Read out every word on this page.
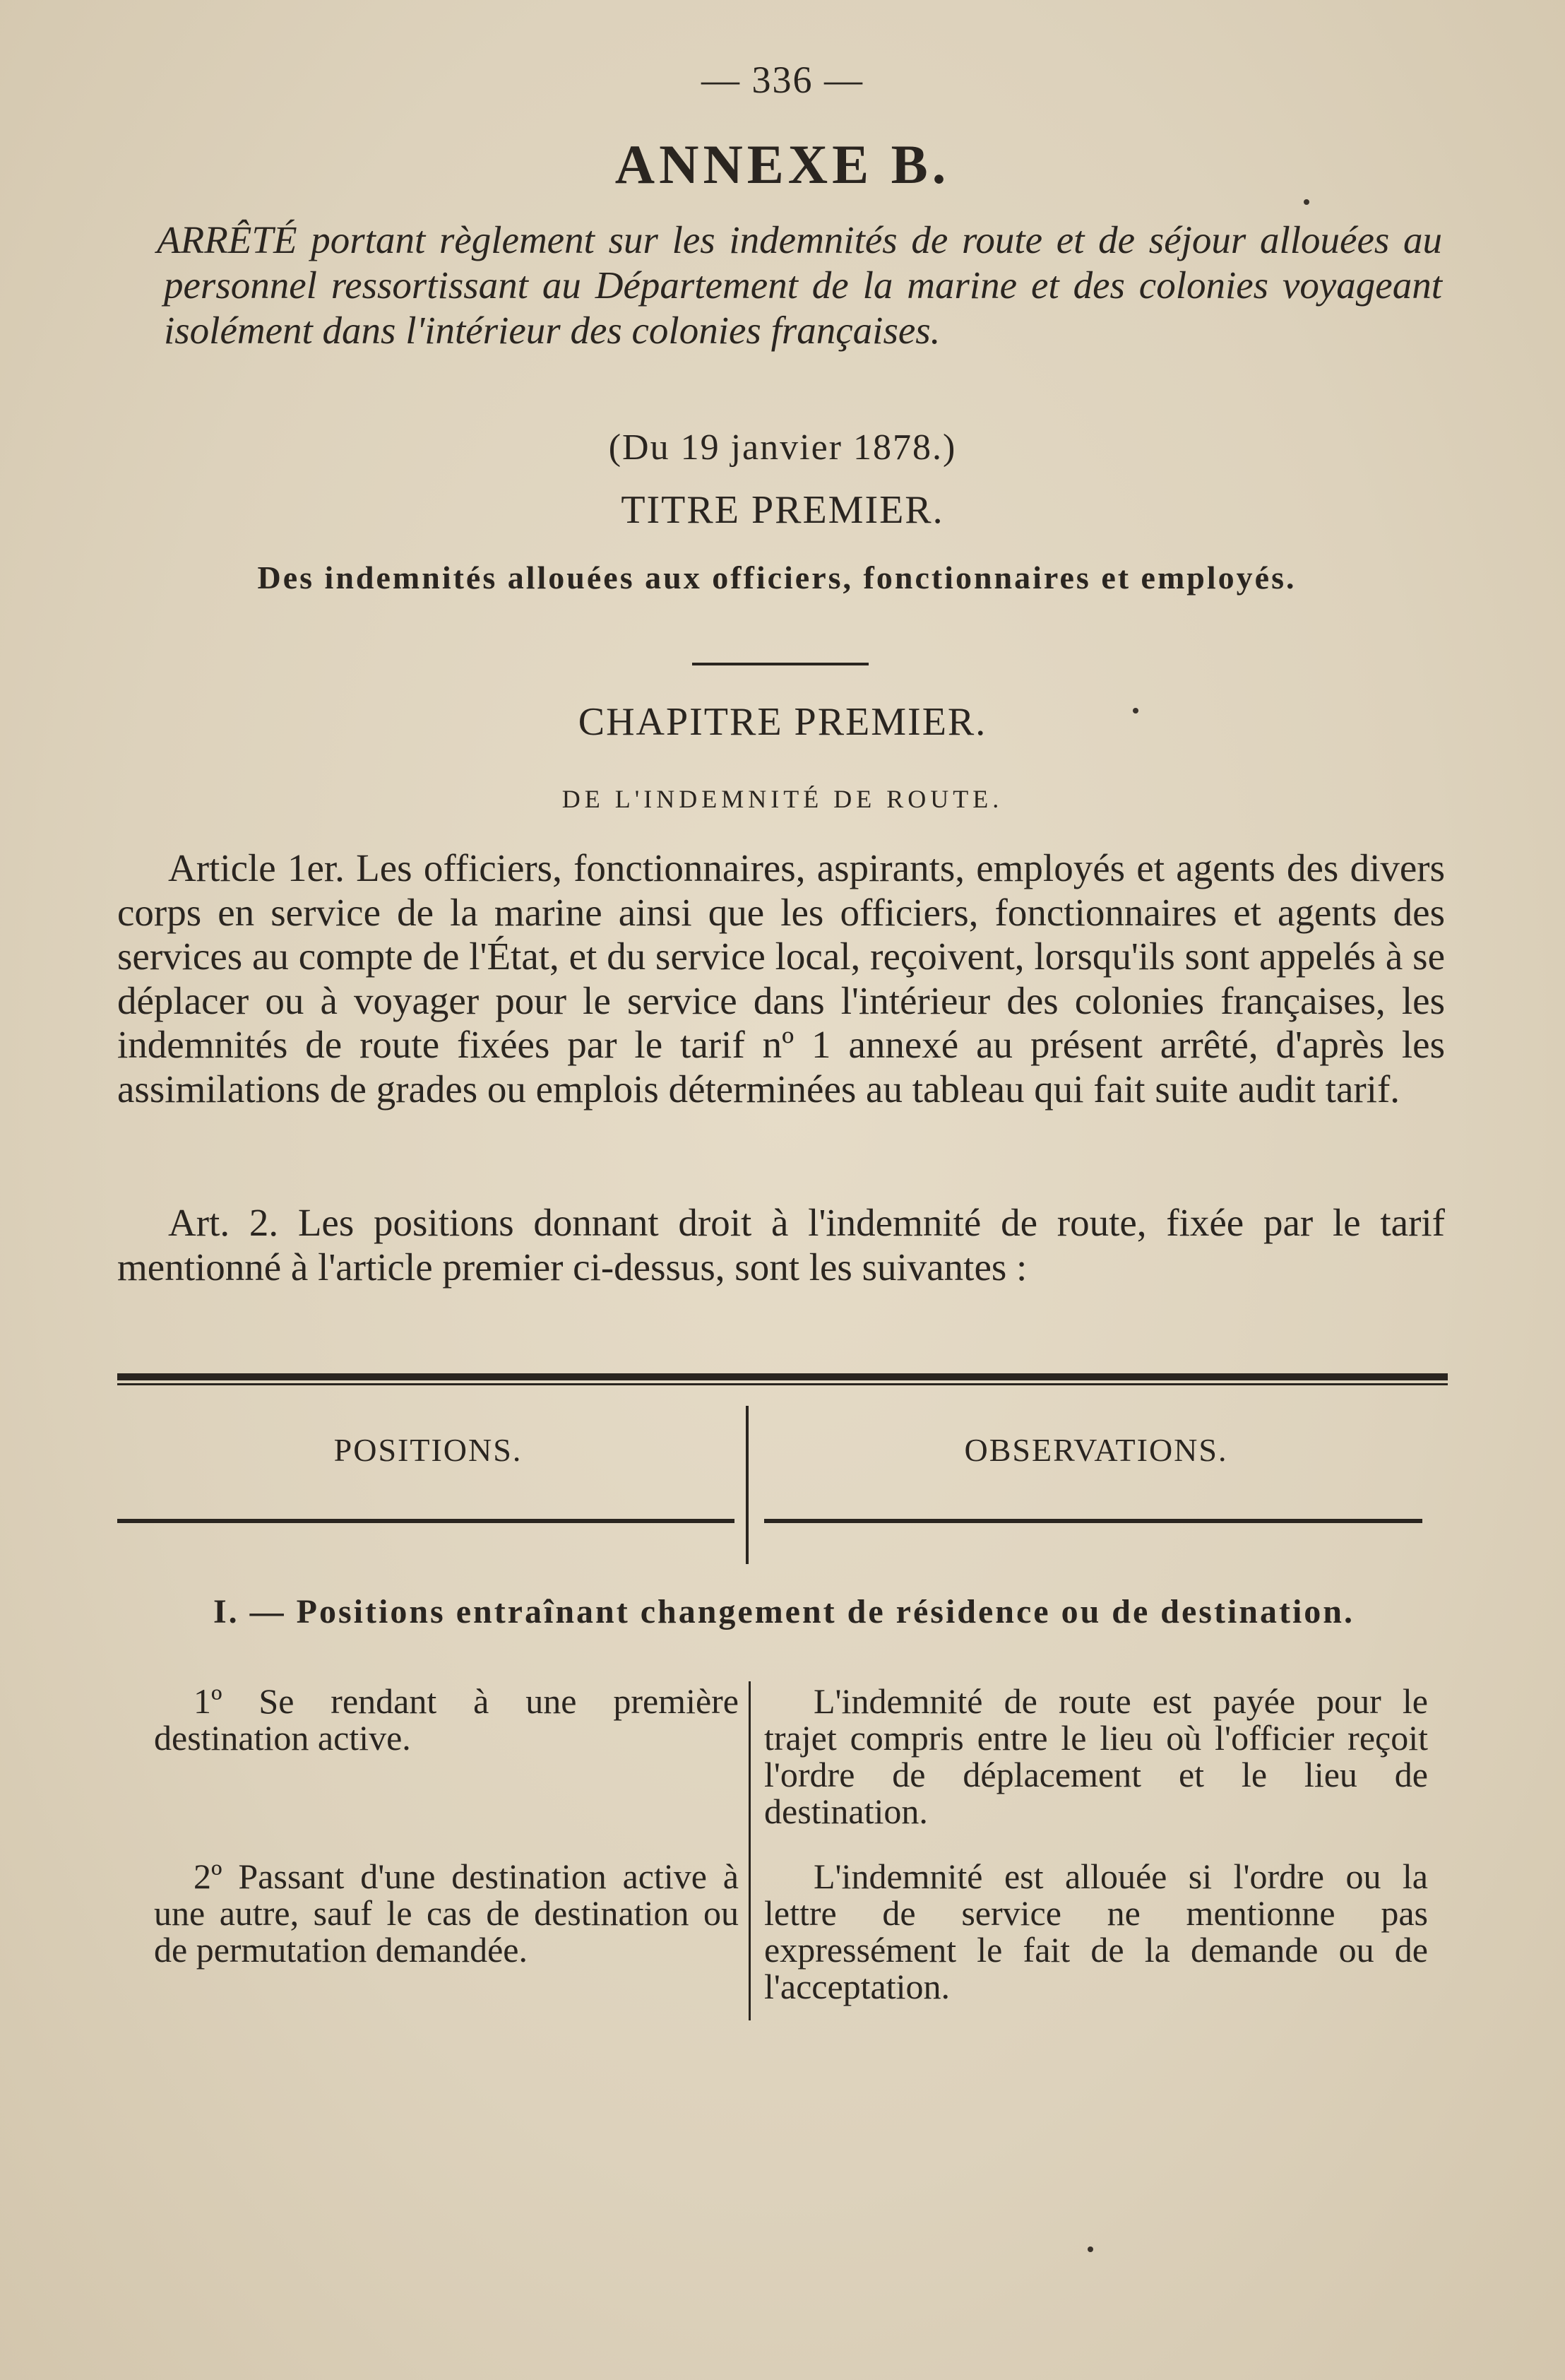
— 336 —
ANNEXE B.
ARRÊTÉ portant règlement sur les indemnités de route et de séjour allouées au personnel ressortissant au Département de la marine et des colonies voyageant isolément dans l'intérieur des colonies françaises.
(Du 19 janvier 1878.)
TITRE PREMIER.
Des indemnités allouées aux officiers, fonctionnaires et employés.
CHAPITRE PREMIER.
DE L'INDEMNITÉ DE ROUTE.
Article 1er. Les officiers, fonctionnaires, aspirants, employés et agents des divers corps en service de la marine ainsi que les officiers, fonctionnaires et agents des services au compte de l'État, et du service local, reçoivent, lorsqu'ils sont appelés à se déplacer ou à voyager pour le service dans l'intérieur des colonies françaises, les indemnités de route fixées par le tarif nº 1 annexé au présent arrêté, d'après les assimilations de grades ou emplois déterminées au tableau qui fait suite audit tarif.
Art. 2. Les positions donnant droit à l'indemnité de route, fixée par le tarif mentionné à l'article premier ci-dessus, sont les suivantes :
POSITIONS.	OBSERVATIONS.
I. — Positions entraînant changement de résidence ou de destination.
1º Se rendant à une première destination active.
L'indemnité de route est payée pour le trajet compris entre le lieu où l'officier reçoit l'ordre de déplacement et le lieu de destination.
2º Passant d'une destination active à une autre, sauf le cas de destination ou de permutation demandée.
L'indemnité est allouée si l'ordre ou la lettre de service ne mentionne pas expressément le fait de la demande ou de l'acceptation.
